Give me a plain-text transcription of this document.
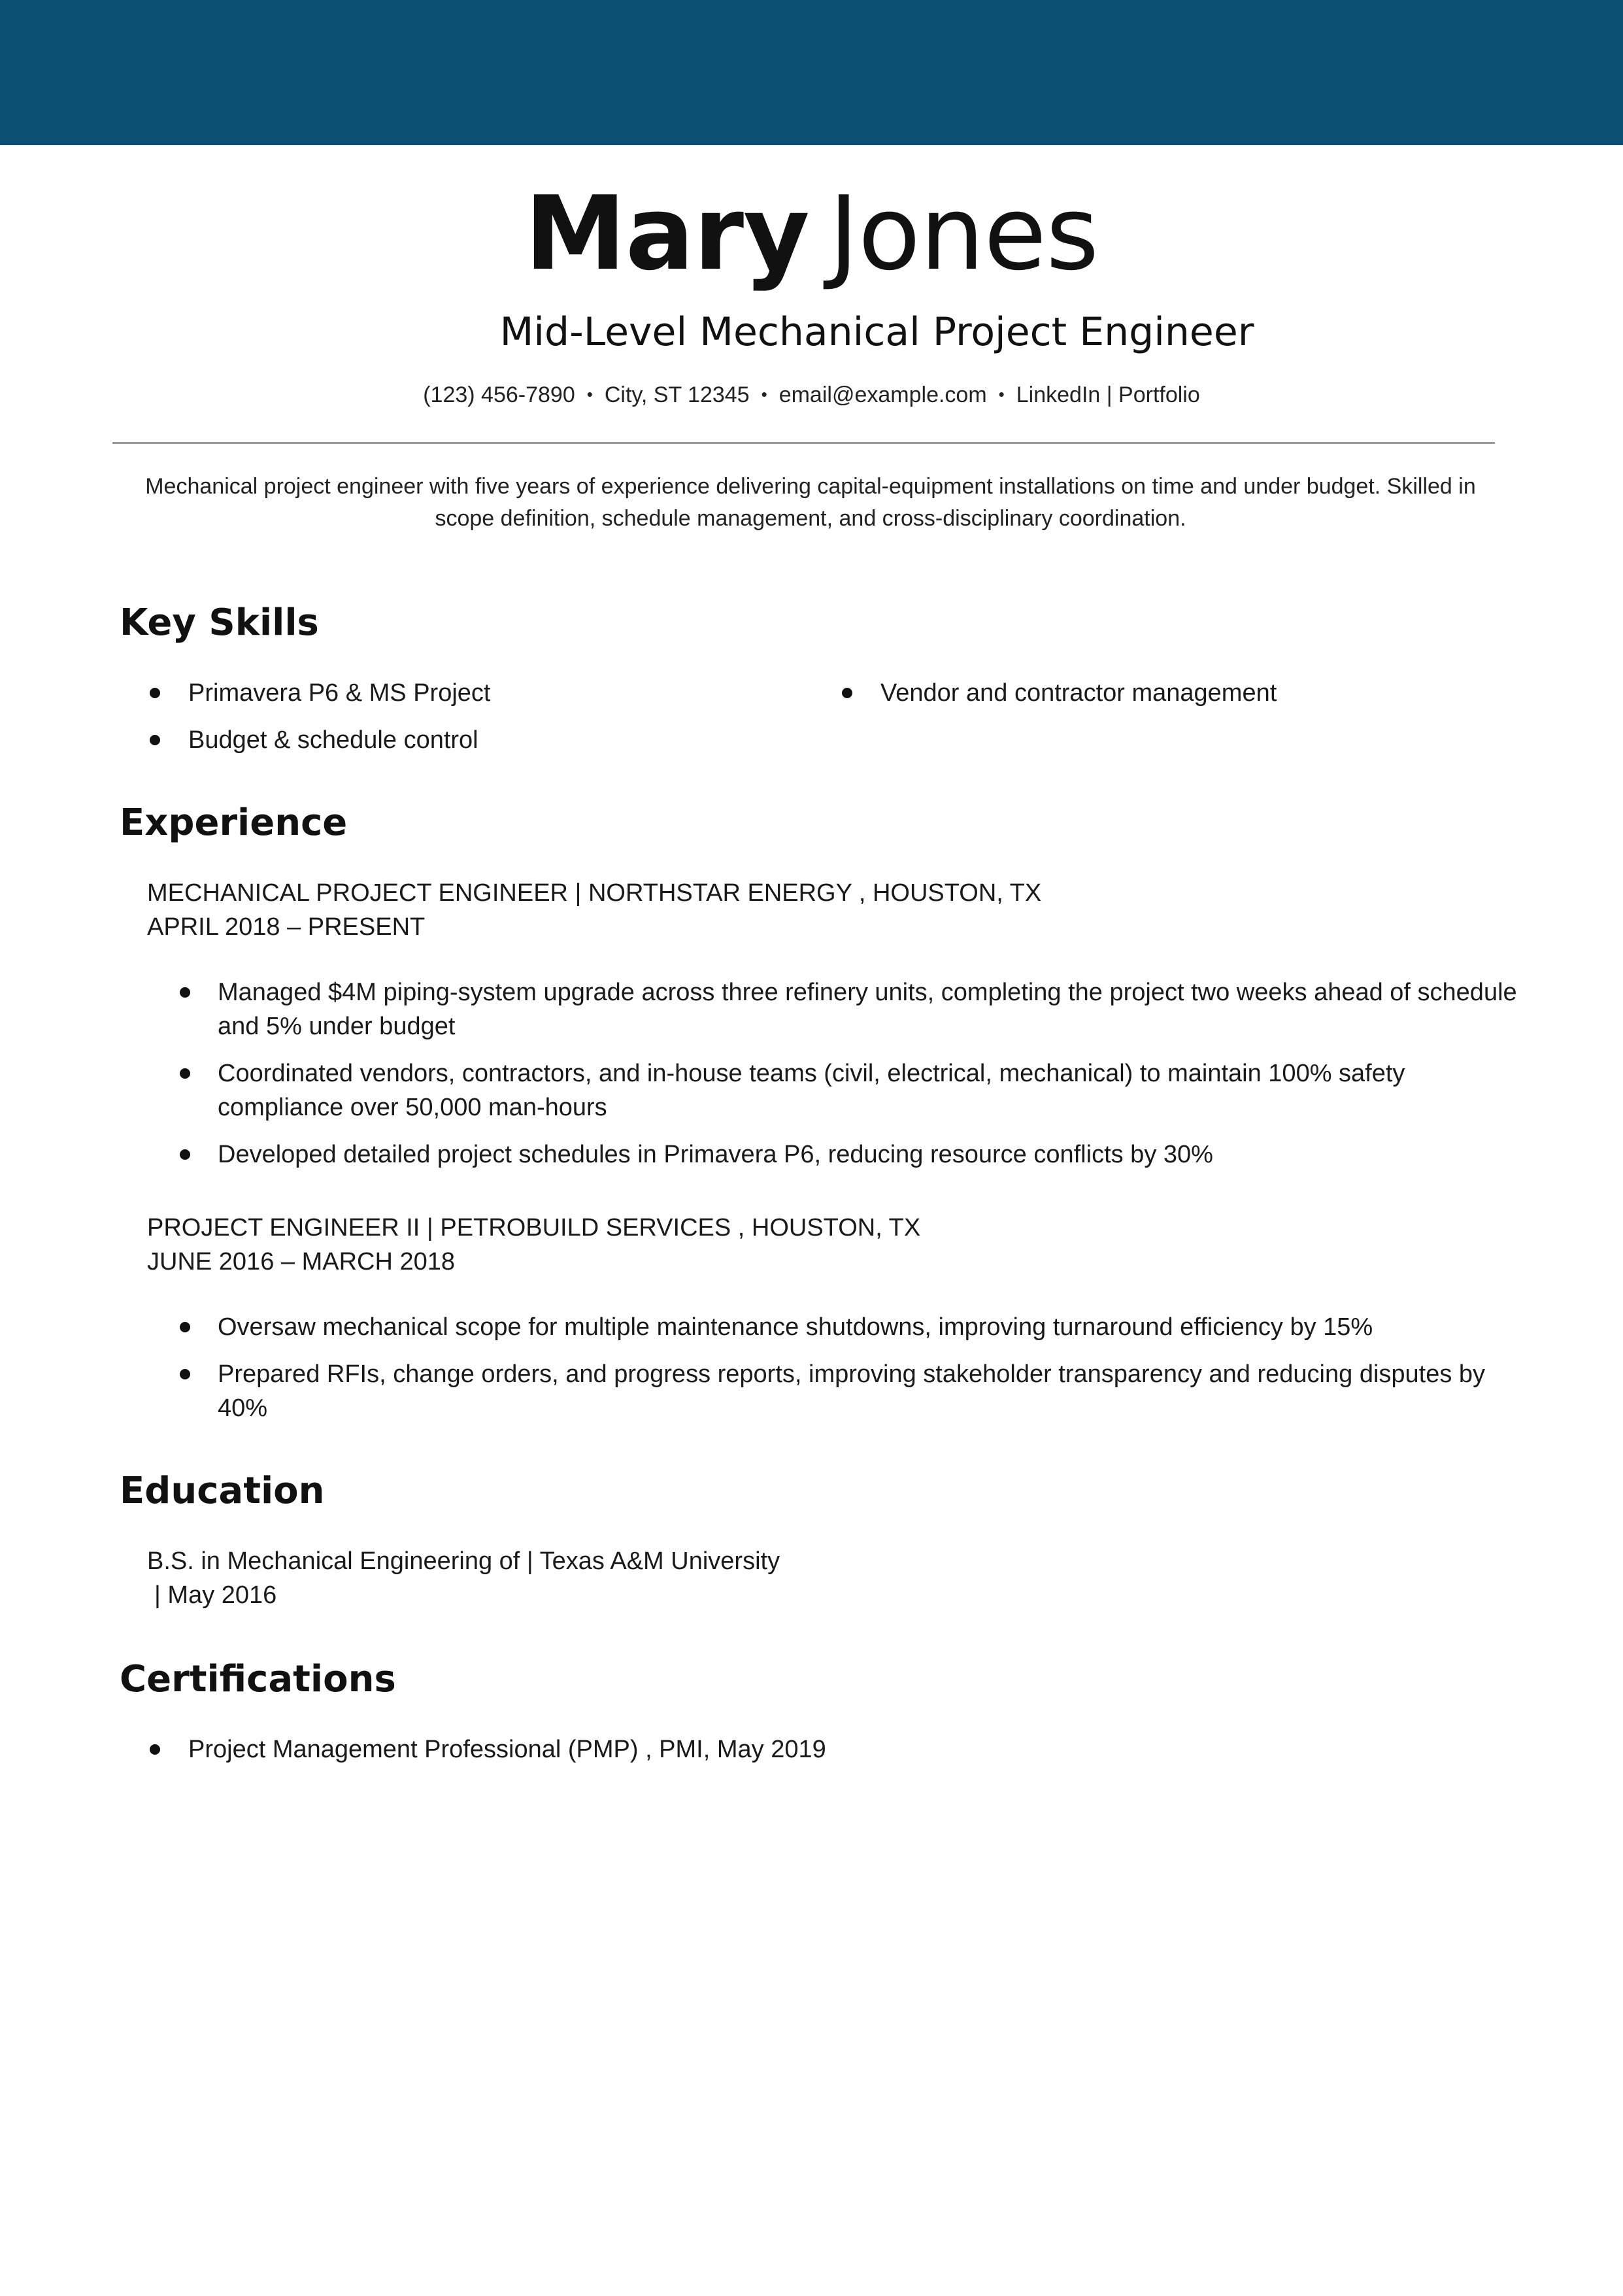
Mary Jones
Mid-Level Mechanical Project Engineer
(123) 456-7890 • City, ST 12345 • email@example.com • LinkedIn | Portfolio
Mechanical project engineer with five years of experience delivering capital-equipment installations on time and under budget. Skilled in scope definition, schedule management, and cross-disciplinary coordination.
Key Skills
Primavera P6 & MS Project
Budget & schedule control
Vendor and contractor management
Experience
MECHANICAL PROJECT ENGINEER | NORTHSTAR ENERGY , HOUSTON, TX
APRIL 2018 – PRESENT
Managed $4M piping-system upgrade across three refinery units, completing the project two weeks ahead of schedule and 5% under budget
Coordinated vendors, contractors, and in-house teams (civil, electrical, mechanical) to maintain 100% safety compliance over 50,000 man-hours
Developed detailed project schedules in Primavera P6, reducing resource conflicts by 30%
PROJECT ENGINEER II | PETROBUILD SERVICES , HOUSTON, TX
JUNE 2016 – MARCH 2018
Oversaw mechanical scope for multiple maintenance shutdowns, improving turnaround efficiency by 15%
Prepared RFIs, change orders, and progress reports, improving stakeholder transparency and reducing disputes by 40%
Education
B.S. in Mechanical Engineering of | Texas A&M University
| May 2016
Certifications
Project Management Professional (PMP) , PMI, May 2019
